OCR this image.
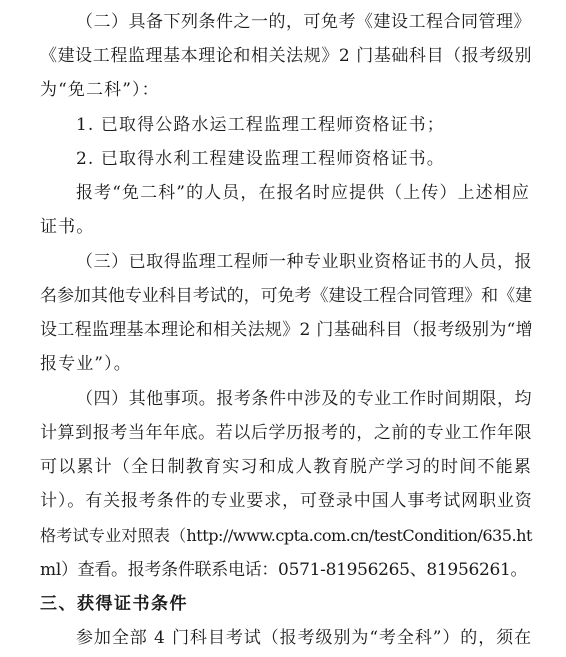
（二）具备下列条件之一的，可免考《建设工程合同管理》
《建设工程监理基本理论和相关法规》2 门基础科目（报考级别
为“免二科”）：
1. 已取得公路水运工程监理工程师资格证书；
2. 已取得水利工程建设监理工程师资格证书。
报考“免二科”的人员，在报名时应提供（上传）上述相应
证书。
（三）已取得监理工程师一种专业职业资格证书的人员，报
名参加其他专业科目考试的，可免考《建设工程合同管理》和《建
设工程监理基本理论和相关法规》2 门基础科目（报考级别为“增
报专业”）。
（四）其他事项。报考条件中涉及的专业工作时间期限，均
计算到报考当年年底。若以后学历报考的，之前的专业工作年限
可以累计（全日制教育实习和成人教育脱产学习的时间不能累
计）。有关报考条件的专业要求，可登录中国人事考试网职业资
格考试专业对照表（http://www.cpta.com.cn/testCondition/635.ht
ml）查看。报考条件联系电话：0571-81956265、81956261。
三、获得证书条件
参加全部 4 门科目考试（报考级别为“考全科”）的，须在
